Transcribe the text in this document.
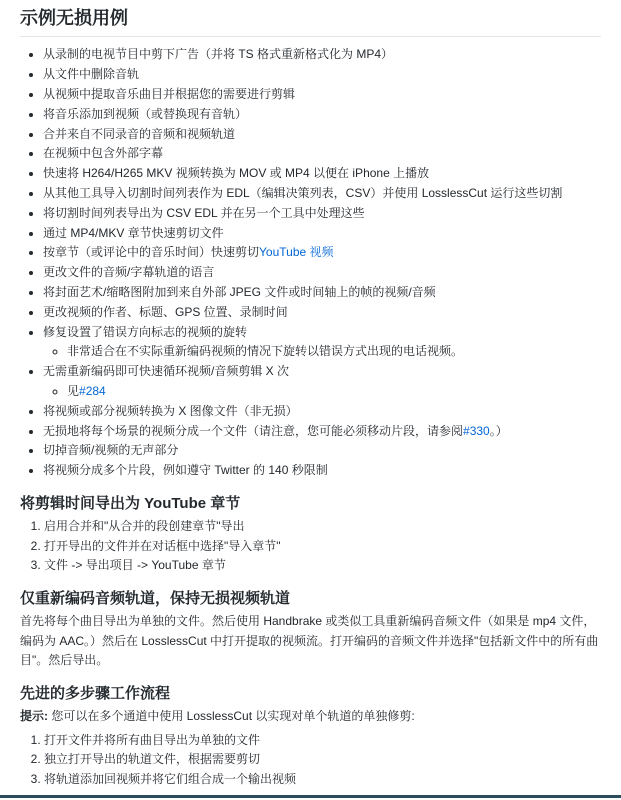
示例无损用例
• 从录制的电视节目中剪下广告（并将 TS 格式重新格式化为 MP4）
• 从文件中删除音轨
• 从视频中提取音乐曲目并根据您的需要进行剪辑
• 将音乐添加到视频（或替换现有音轨）
• 合并来自不同录音的音频和视频轨道
• 在视频中包含外部字幕
• 快速将 H264/H265 MKV 视频转换为 MOV 或 MP4 以便在 iPhone 上播放
• 从其他工具导入切割时间列表作为 EDL（编辑决策列表，CSV）并使用 LosslessCut 运行这些切割
• 将切割时间列表导出为 CSV EDL 并在另一个工具中处理这些
• 通过 MP4/MKV 章节快速剪切文件
• 按章节（或评论中的音乐时间）快速剪切YouTube 视频
• 更改文件的音频/字幕轨道的语言
• 将封面艺术/缩略图附加到来自外部 JPEG 文件或时间轴上的帧的视频/音频
• 更改视频的作者、标题、GPS 位置、录制时间
• 修复设置了错误方向标志的视频的旋转
◦ 非常适合在不实际重新编码视频的情况下旋转以错误方式出现的电话视频。
• 无需重新编码即可快速循环视频/音频剪辑 X 次
◦ 见#284
• 将视频或部分视频转换为 X 图像文件（非无损）
• 无损地将每个场景的视频分成一个文件（请注意，您可能必须移动片段，请参阅#330。）
• 切掉音频/视频的无声部分
• 将视频分成多个片段，例如遵守 Twitter 的 140 秒限制
将剪辑时间导出为 YouTube 章节
1. 启用合并和"从合并的段创建章节"导出
2. 打开导出的文件并在对话框中选择"导入章节"
3. 文件 -> 导出项目 -> YouTube 章节
仅重新编码音频轨道，保持无损视频轨道

首先将每个曲目导出为单独的文件。然后使用 Handbrake 或类似工具重新编码音频文件（如果是 mp4 文件，编码为 AAC。）然后在 LosslessCut 中打开提取的视频流。打开编码的音频文件并选择"包括新文件中的所有曲目"。然后导出。

先进的多步骤工作流程

提示: 您可以在多个通道中使用 LosslessCut 以实现对单个轨道的单独修剪:

1. 打开文件并将所有曲目导出为单独的文件
2. 独立打开导出的轨道文件，根据需要剪切
3. 将轨道添加回视频并将它们组合成一个输出视频
